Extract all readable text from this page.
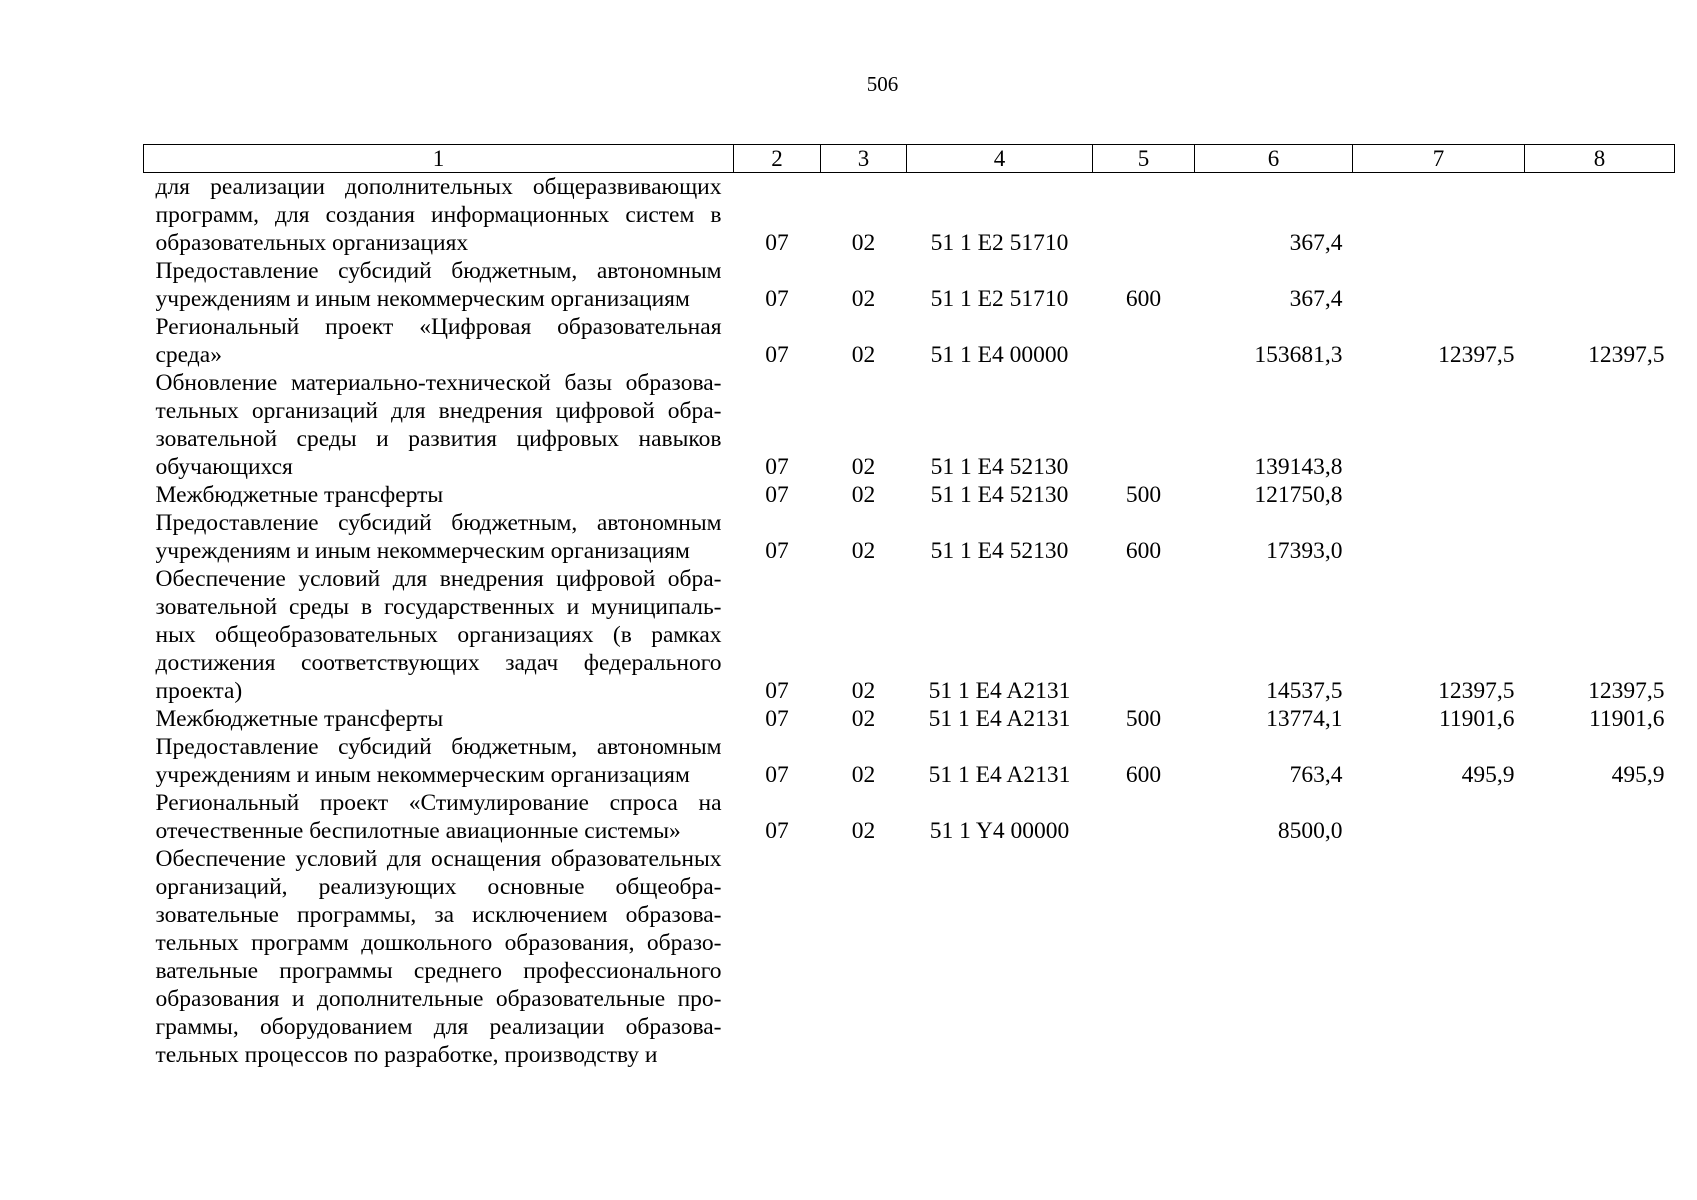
506
1	2	3	4	5	6	7	8
для реализации дополнительных общеразвивающих программ, для создания информационных систем в образовательных организациях	07	02	51 1 E2 51710		367,4		
Предоставление субсидий бюджетным, автономным учреждениям и иным некоммерческим организациям	07	02	51 1 E2 51710	600	367,4		
Региональный проект «Цифровая образовательная среда»	07	02	51 1 E4 00000		153681,3	12397,5	12397,5
Обновление материально-технической базы образовательных организаций для внедрения цифровой образовательной среды и развития цифровых навыков обучающихся	07	02	51 1 E4 52130		139143,8		
Межбюджетные трансферты	07	02	51 1 E4 52130	500	121750,8		
Предоставление субсидий бюджетным, автономным учреждениям и иным некоммерческим организациям	07	02	51 1 E4 52130	600	17393,0		
Обеспечение условий для внедрения цифровой образовательной среды в государственных и муниципальных общеобразовательных организациях (в рамках достижения соответствующих задач федерального проекта)	07	02	51 1 E4 A2131		14537,5	12397,5	12397,5
Межбюджетные трансферты	07	02	51 1 E4 A2131	500	13774,1	11901,6	11901,6
Предоставление субсидий бюджетным, автономным учреждениям и иным некоммерческим организациям	07	02	51 1 E4 A2131	600	763,4	495,9	495,9
Региональный проект «Стимулирование спроса на отечественные беспилотные авиационные системы»	07	02	51 1 Y4 00000		8500,0		
Обеспечение условий для оснащения образовательных организаций, реализующих основные общеобразовательные программы, за исключением образовательных программ дошкольного образования, образовательные программы среднего профессионального образования и дополнительные образовательные программы, оборудованием для реализации образовательных процессов по разработке, производству и							
